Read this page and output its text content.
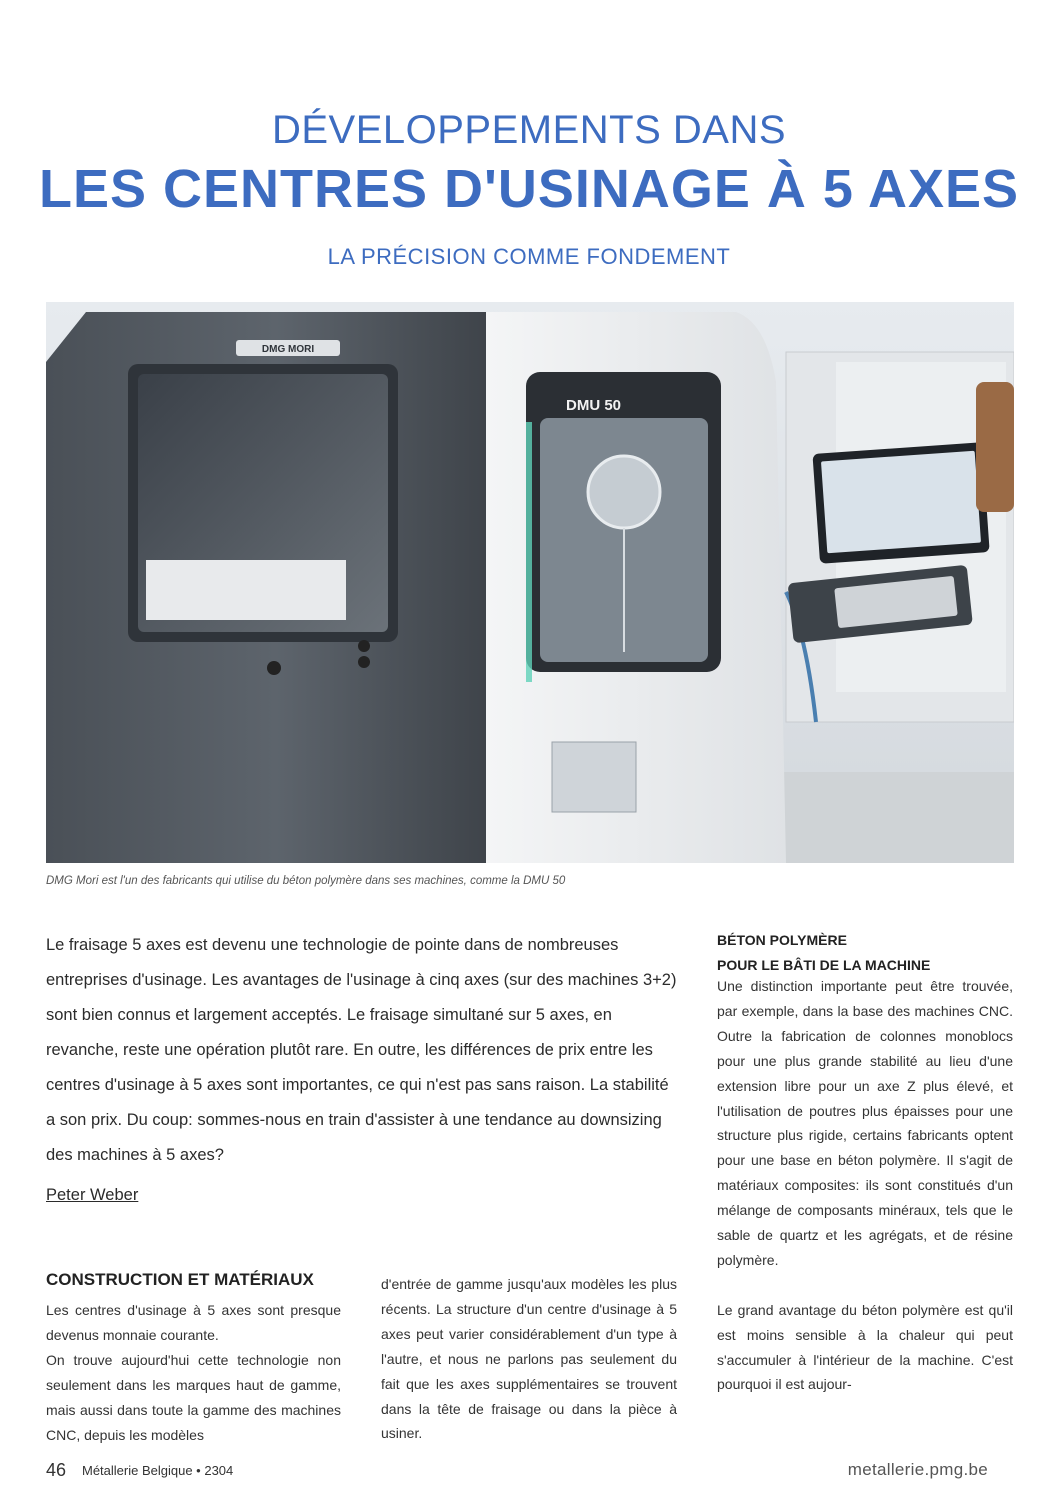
DÉVELOPPEMENTS DANS
LES CENTRES D'USINAGE À 5 AXES
LA PRÉCISION COMME FONDEMENT
DMG MORI
DMU 50
DMG Mori est l'un des fabricants qui utilise du béton polymère dans ses machines, comme la DMU 50
Le fraisage 5 axes est devenu une technologie de pointe dans de nombreuses entreprises d'usinage. Les avantages de l'usinage à cinq axes (sur des machines 3+2) sont bien connus et largement acceptés. Le fraisage simultané sur 5 axes, en revanche, reste une opération plutôt rare. En outre, les différences de prix entre les centres d'usinage à 5 axes sont importantes, ce qui n'est pas sans raison. La stabilité a son prix. Du coup: sommes-nous en train d'assister à une tendance au downsizing des machines à 5 axes?
Peter Weber
CONSTRUCTION ET MATÉRIAUX

Les centres d'usinage à 5 axes sont presque devenus monnaie courante.

On trouve aujourd'hui cette technologie non seulement dans les marques haut de gamme, mais aussi dans toute la gamme des machines CNC, depuis les modèles

d'entrée de gamme jusqu'aux modèles les plus récents. La structure d'un centre d'usinage à 5 axes peut varier considérablement d'un type à l'autre, et nous ne parlons pas seulement du fait que les axes supplémentaires se trouvent dans la tête de fraisage ou dans la pièce à usiner.

BÉTON POLYMÈRE
POUR LE BÂTI DE LA MACHINE

Une distinction importante peut être trouvée, par exemple, dans la base des machines CNC. Outre la fabrication de colonnes monoblocs pour une plus grande stabilité au lieu d'une extension libre pour un axe Z plus élevé, et l'utilisation de poutres plus épaisses pour une structure plus rigide, certains fabricants optent pour une base en béton polymère. Il s'agit de matériaux composites: ils sont constitués d'un mélange de composants minéraux, tels que le sable de quartz et les agrégats, et de résine polymère.

Le grand avantage du béton polymère est qu'il est moins sensible à la chaleur qui peut s'accumuler à l'intérieur de la machine. C'est pourquoi il est aujour-

46 Métallerie Belgique • 2304	metallerie.pmg.be
